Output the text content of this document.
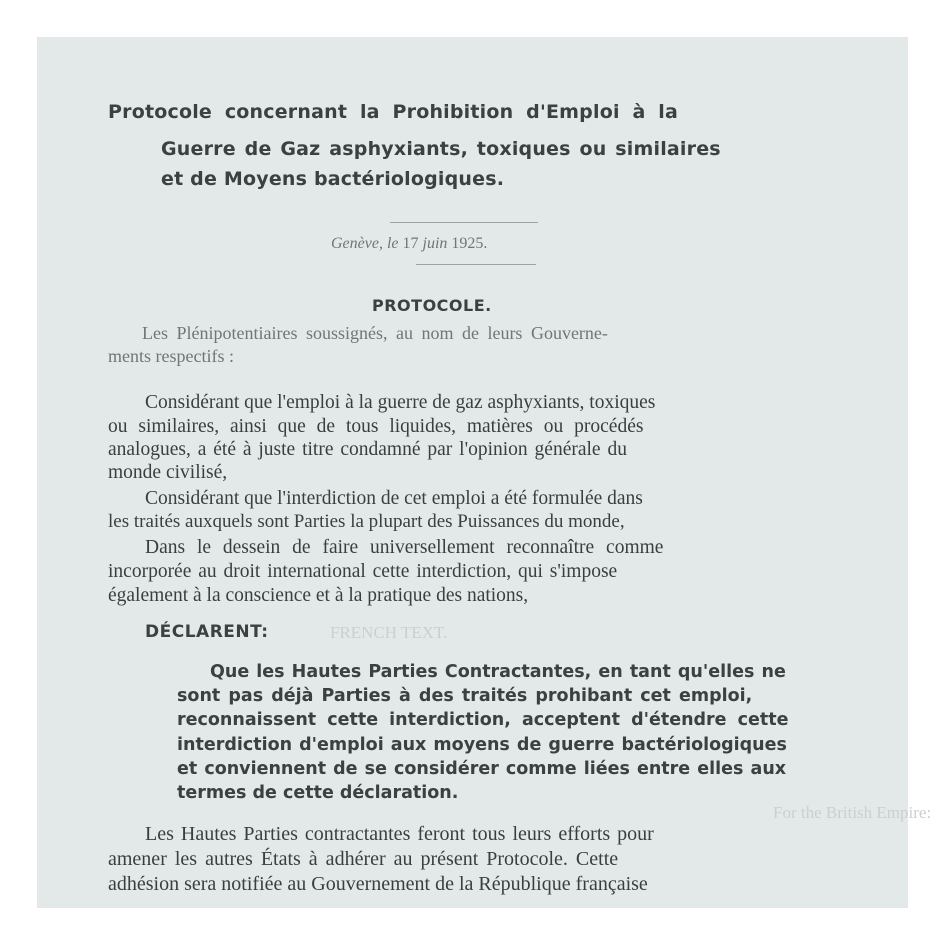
FRENCH TEXT.
For the British Empire:
Protocole concernant la Prohibition d'Emploi à la
Guerre de Gaz asphyxiants, toxiques ou similaires
et de Moyens bactériologiques.
Genève, le 17 juin 1925.
PROTOCOLE.
Les Plénipotentiaires soussignés, au nom de leurs Gouverne-
ments respectifs :
Considérant que l'emploi à la guerre de gaz asphyxiants, toxiques
ou similaires, ainsi que de tous liquides, matières ou procédés
analogues, a été à juste titre condamné par l'opinion générale du
monde civilisé,
Considérant que l'interdiction de cet emploi a été formulée dans
les traités auxquels sont Parties la plupart des Puissances du monde,
Dans le dessein de faire universellement reconnaître comme
incorporée au droit international cette interdiction, qui s'impose
également à la conscience et à la pratique des nations,
DÉCLARENT:
Que les Hautes Parties Contractantes, en tant qu'elles ne
sont pas déjà Parties à des traités prohibant cet emploi,
reconnaissent cette interdiction, acceptent d'étendre cette
interdiction d'emploi aux moyens de guerre bactériologiques
et conviennent de se considérer comme liées entre elles aux
termes de cette déclaration.
Les Hautes Parties contractantes feront tous leurs efforts pour
amener les autres États à adhérer au présent Protocole. Cette
adhésion sera notifiée au Gouvernement de la République française
